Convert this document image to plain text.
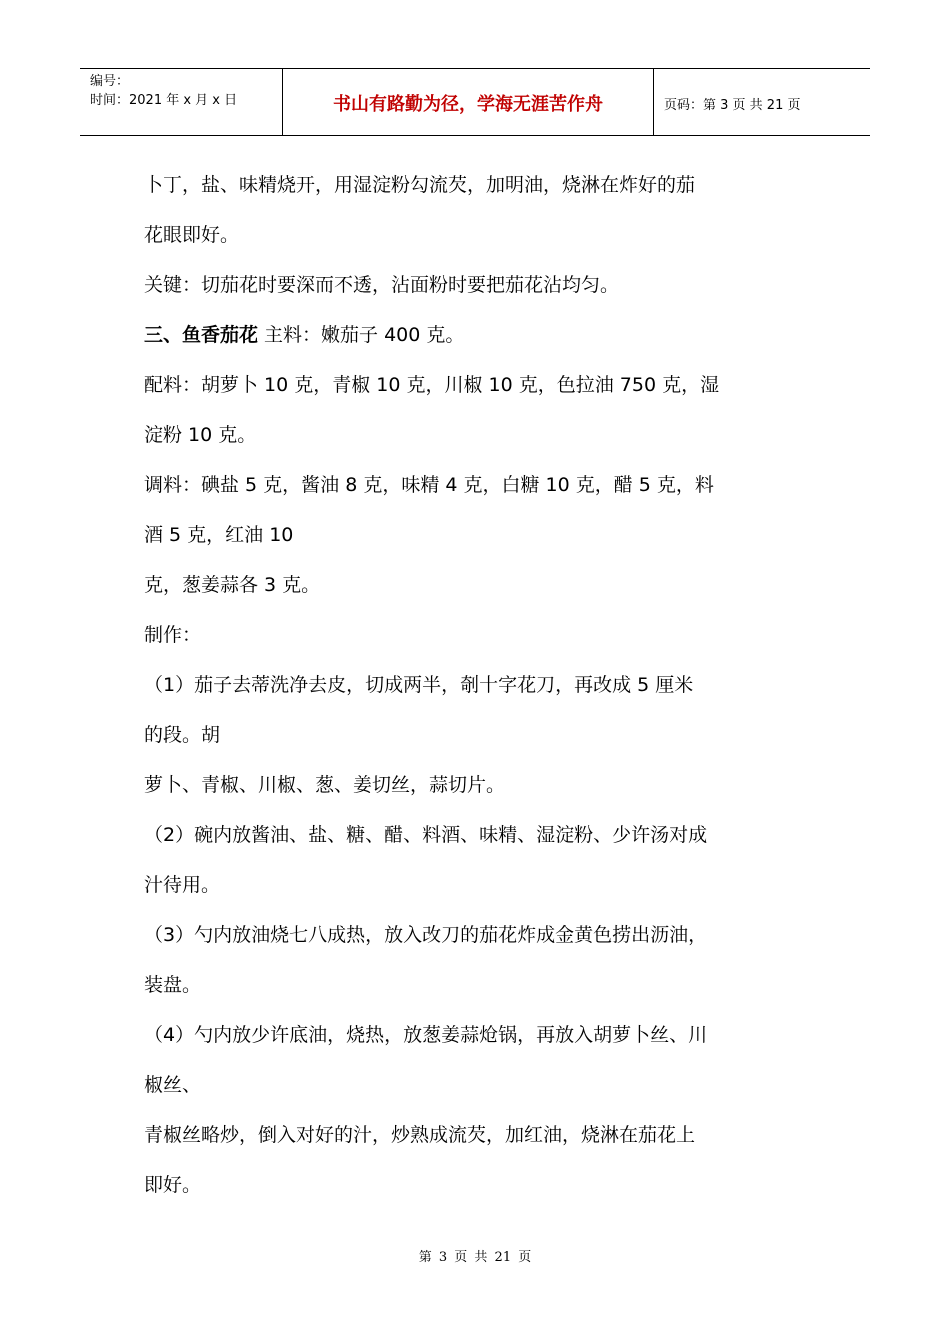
编号：
时间：2021 年 x 月 x 日	书山有路勤为径，学海无涯苦作舟	页码：第 3 页 共 21 页
卜丁，盐、味精烧开，用湿淀粉勾流芡，加明油，烧淋在炸好的茄
花眼即好。
关键：切茄花时要深而不透，沾面粉时要把茄花沾均匀。
三、鱼香茄花 主料：嫩茄子 400 克。
配料：胡萝卜 10 克，青椒 10 克，川椒 10 克，色拉油 750 克，湿
淀粉 10 克。
调料：碘盐 5 克，酱油 8 克，味精 4 克，白糖 10 克，醋 5 克，料
酒 5 克，红油 10
克，葱姜蒜各 3 克。
制作：
（1）茄子去蒂洗净去皮，切成两半，剞十字花刀，再改成 5 厘米
的段。胡
萝卜、青椒、川椒、葱、姜切丝，蒜切片。
（2）碗内放酱油、盐、糖、醋、料酒、味精、湿淀粉、少许汤对成
汁待用。
（3）勺内放油烧七八成热，放入改刀的茄花炸成金黄色捞出沥油，
装盘。
（4）勺内放少许底油，烧热，放葱姜蒜炝锅，再放入胡萝卜丝、川
椒丝、
青椒丝略炒，倒入对好的汁，炒熟成流芡，加红油，烧淋在茄花上
即好。
第 3 页 共 21 页
